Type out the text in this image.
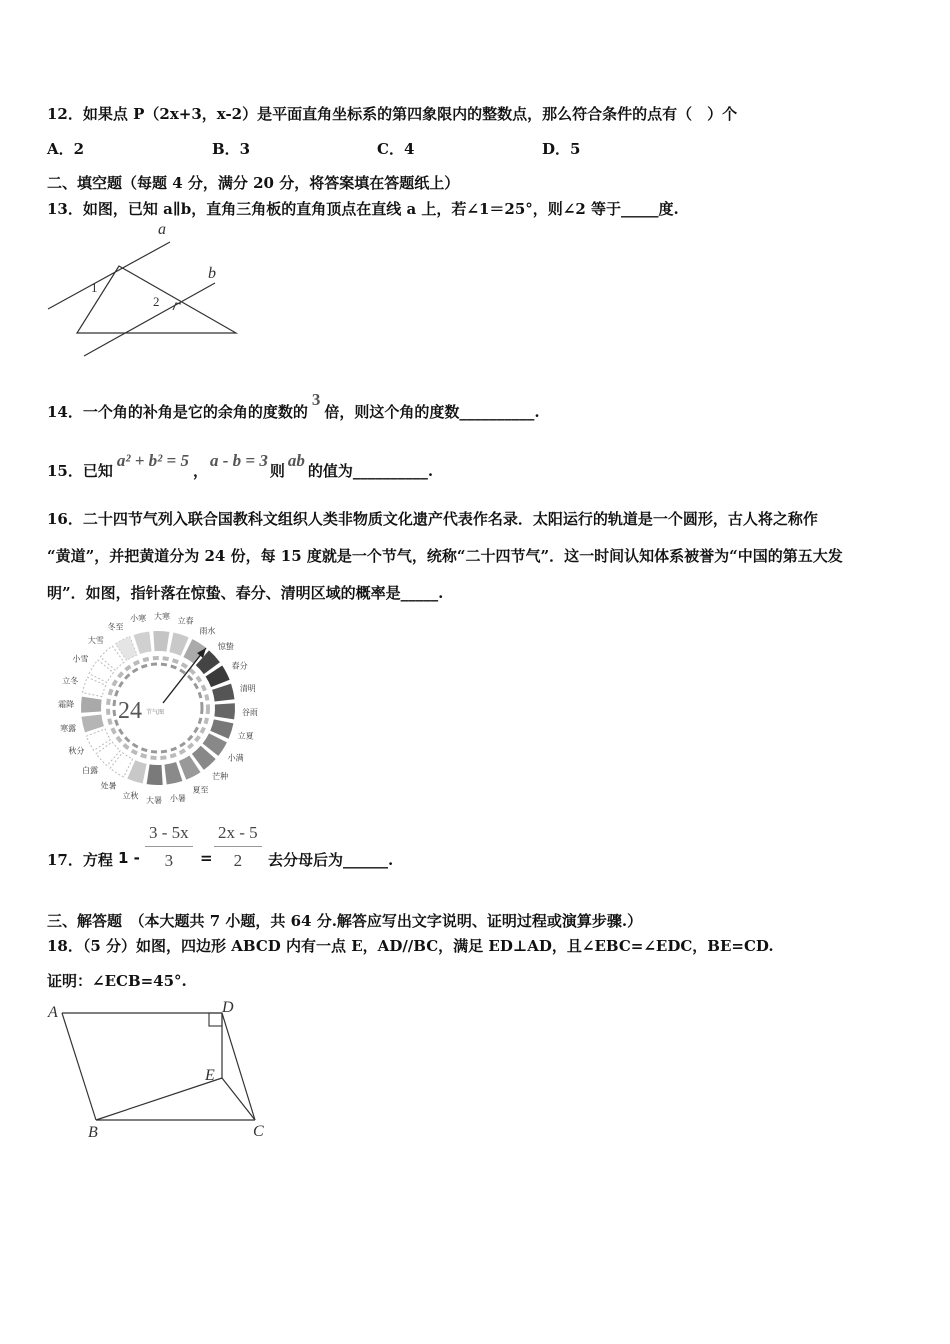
12．如果点 P（2x+3，x-2）是平面直角坐标系的第四象限内的整数点，那么符合条件的点有（　）个
A．2	B．3	C．4	D．5
二、填空题（每题 4 分，满分 20 分，将答案填在答题纸上）
13．如图，已知 a∥b，直角三角板的直角顶点在直线 a 上，若∠1＝25°，则∠2 等于_____度.
a
b
1
2
14．一个角的补角是它的余角的度数的3倍，则这个角的度数__________.
15．已知a² + b² = 5，a - b = 3则ab的值为__________.
16．二十四节气列入联合国教科文组织人类非物质文化遗产代表作名录．太阳运行的轨道是一个圆形，古人将之称作
“黄道”，并把黄道分为 24 份，每 15 度就是一个节气，统称“二十四节气”．这一时间认知体系被誉为“中国的第五大发
明”．如图，指针落在惊蛰、春分、清明区域的概率是_____.
24 节气图
立春
雨水
惊蛰
春分
清明
谷雨
立夏
小满
芒种
夏至
小暑
大暑
立秋
处暑
白露
秋分
寒露
霜降
立冬
小雪
大雪
冬至
小寒 大寒
17．方程 $1 - \frac{3 - 5x}{3} = \frac{2x - 5}{2}$ 去分母后为______.
三、解答题　（本大题共 7 小题，共 64 分.解答应写出文字说明、证明过程或演算步骤.）
18．（5 分）如图，四边形 ABCD 内有一点 E，AD//BC，满足 ED⊥AD，且∠EBC=∠EDC，BE=CD.
证明：∠ECB=45°.
A	D
E
B	C
